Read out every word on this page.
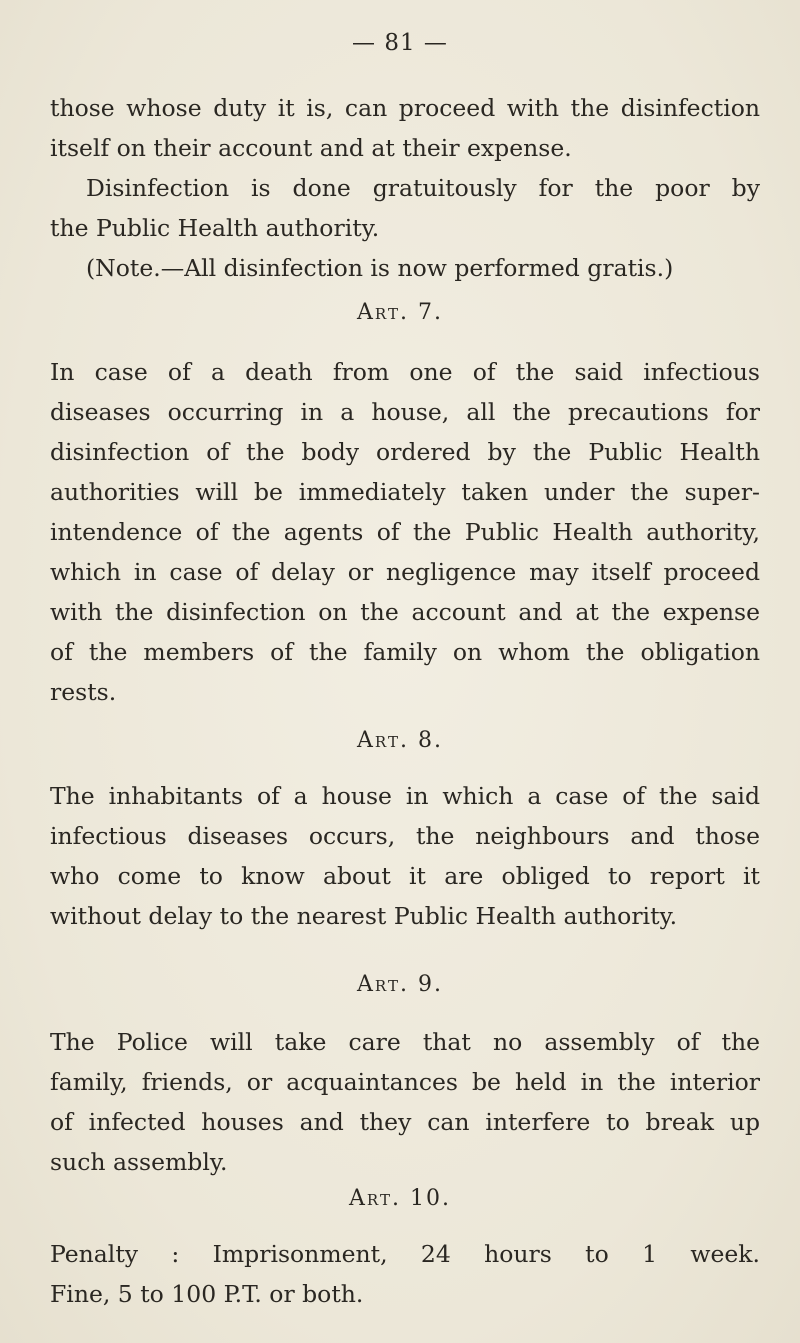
— 81 —
those whose duty it is, can proceed with the disinfection
itself on their account and at their expense.
Disinfection is done gratuitously for the poor by
the Public Health authority.
(Note.—All disinfection is now performed gratis.)
Art. 7.
In case of a death from one of the said infectious
diseases occurring in a house, all the precautions for
disinfection of the body ordered by the Public Health
authorities will be immediately taken under the super-
intendence of the agents of the Public Health authority,
which in case of delay or negligence may itself proceed
with the disinfection on the account and at the expense
of the members of the family on whom the obligation
rests.
Art. 8.
The inhabitants of a house in which a case of the said
infectious diseases occurs, the neighbours and those
who come to know about it are obliged to report it
without delay to the nearest Public Health authority.
Art. 9.
The Police will take care that no assembly of the
family, friends, or acquaintances be held in the interior
of infected houses and they can interfere to break up
such assembly.
Art. 10.
Penalty : Imprisonment, 24 hours to 1 week.
Fine, 5 to 100 P.T. or both.
